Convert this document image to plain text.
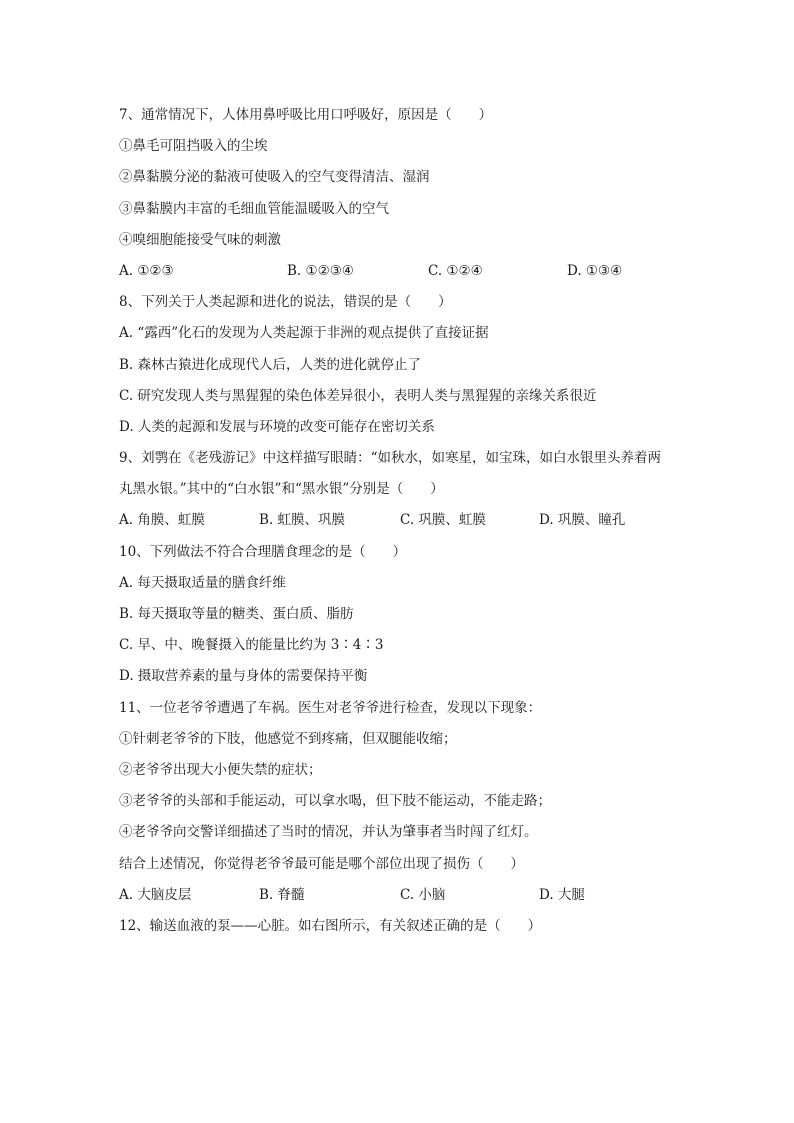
7、通常情况下，人体用鼻呼吸比用口呼吸好，原因是（　　）
①鼻毛可阻挡吸入的尘埃
②鼻黏膜分泌的黏液可使吸入的空气变得清洁、湿润
③鼻黏膜内丰富的毛细血管能温暖吸入的空气
④嗅细胞能接受气味的刺激
A. ①②③	B. ①②③④	C. ①②④	D. ①③④
8、下列关于人类起源和进化的说法，错误的是（　　）
A. “露西”化石的发现为人类起源于非洲的观点提供了直接证据
B. 森林古猿进化成现代人后，人类的进化就停止了
C. 研究发现人类与黑猩猩的染色体差异很小，表明人类与黑猩猩的亲缘关系很近
D. 人类的起源和发展与环境的改变可能存在密切关系
9、刘鹗在《老残游记》中这样描写眼睛：“如秋水，如寒星，如宝珠，如白水银里头养着两
丸黑水银。”其中的“白水银”和“黑水银”分别是（　　）
A. 角膜、虹膜	B. 虹膜、巩膜	C. 巩膜、虹膜	D. 巩膜、瞳孔
10、下列做法不符合合理膳食理念的是（　　）
A. 每天摄取适量的膳食纤维
B. 每天摄取等量的糖类、蛋白质、脂肪
C. 早、中、晚餐摄入的能量比约为 3∶4∶3
D. 摄取营养素的量与身体的需要保持平衡
11、一位老爷爷遭遇了车祸。医生对老爷爷进行检查，发现以下现象：
①针刺老爷爷的下肢，他感觉不到疼痛，但双腿能收缩；
②老爷爷出现大小便失禁的症状；
③老爷爷的头部和手能运动，可以拿水喝，但下肢不能运动，不能走路；
④老爷爷向交警详细描述了当时的情况，并认为肇事者当时闯了红灯。
结合上述情况，你觉得老爷爷最可能是哪个部位出现了损伤（　　）
A. 大脑皮层	B. 脊髓	C. 小脑	D. 大腿
12、输送血液的泵——心脏。如右图所示，有关叙述正确的是（　　）
